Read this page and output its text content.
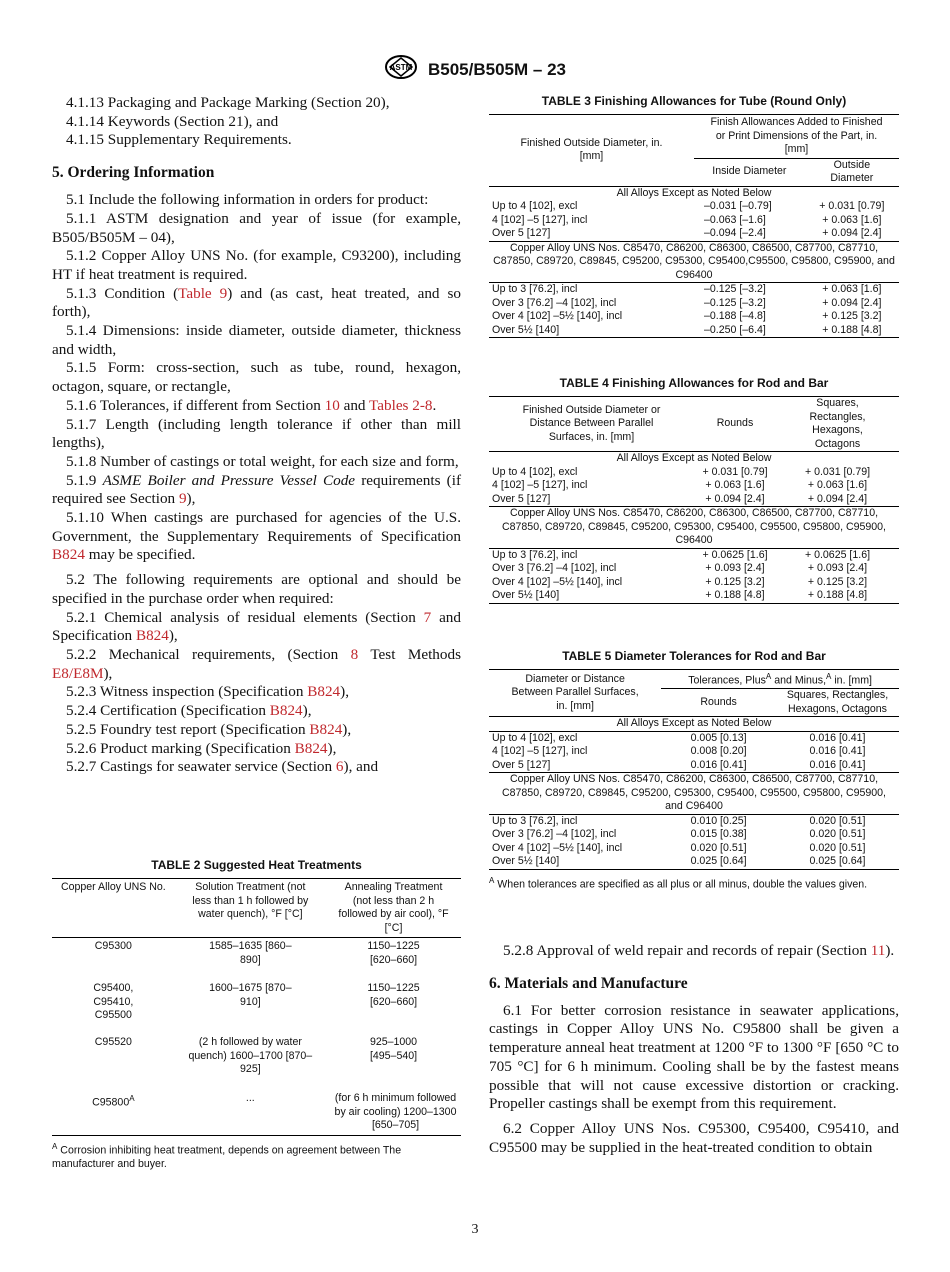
ASTM B505/B505M – 23

4.1.13 Packaging and Package Marking (Section 20),

4.1.14 Keywords (Section 21), and

4.1.15 Supplementary Requirements.

5. Ordering Information

5.1 Include the following information in orders for product:

5.1.1 ASTM designation and year of issue (for example, B505/B505M – 04),

5.1.2 Copper Alloy UNS No. (for example, C93200), including HT if heat treatment is required.

5.1.3 Condition (Table 9) and (as cast, heat treated, and so forth),

5.1.4 Dimensions: inside diameter, outside diameter, thickness and width,

5.1.5 Form: cross-section, such as tube, round, hexagon, octagon, square, or rectangle,

5.1.6 Tolerances, if different from Section 10 and Tables 2-8.

5.1.7 Length (including length tolerance if other than mill lengths),

5.1.8 Number of castings or total weight, for each size and form,

5.1.9 ASME Boiler and Pressure Vessel Code requirements (if required see Section 9),

5.1.10 When castings are purchased for agencies of the U.S. Government, the Supplementary Requirements of Specification B824 may be specified.

5.2 The following requirements are optional and should be specified in the purchase order when required:

5.2.1 Chemical analysis of residual elements (Section 7 and Specification B824),

5.2.2 Mechanical requirements, (Section 8 Test Methods E8/E8M),

5.2.3 Witness inspection (Specification B824),

5.2.4 Certification (Specification B824),

5.2.5 Foundry test report (Specification B824),

5.2.6 Product marking (Specification B824),

5.2.7 Castings for seawater service (Section 6), and

TABLE 2 Suggested Heat Treatments
Copper Alloy UNS No.	Solution Treatment (not less than 1 h followed by water quench), °F [°C]	Annealing Treatment (not less than 2 h followed by air cool), °F [°C]
C95300	1585–1635 [860–890]	1150–1225 [620–660]
C95400, C95410, C95500	1600–1675 [870–910]	1150–1225 [620–660]
C95520	(2 h followed by water quench) 1600–1700 [870–925]	925–1000 [495–540]
$C95800^A$	...	(for 6 h minimum followed by air cooling) 1200–1300 [650–705]
$^A$ Corrosion inhibiting heat treatment, depends on agreement between The manufacturer and buyer.
TABLE 3 Finishing Allowances for Tube (Round Only)
Finished Outside Diameter, in. [mm]	Finish Allowances Added to Finished or Print Dimensions of the Part, in. [mm]	
	Inside Diameter	Outside Diameter
All Alloys Except as Noted Below		
Up to 4 [102], excl	–0.031 [–0.79]	+ 0.031 [0.79]
4 [102] –5 [127], incl	–0.063 [–1.6]	+ 0.063 [1.6]
Over 5 [127]	–0.094 [–2.4]	+ 0.094 [2.4]
Copper Alloy UNS Nos. C85470, C86200, C86300, C86500, C87700, C87710, C87850, C89720, C89845, C95200, C95300, C95400,C95500, C95800, C95900, and C96400		
Up to 3 [76.2], incl	–0.125 [–3.2]	+ 0.063 [1.6]
Over 3 [76.2] –4 [102], incl	–0.125 [–3.2]	+ 0.094 [2.4]
Over 4 [102] –5½ [140], incl	–0.188 [–4.8]	+ 0.125 [3.2]
Over 5½ [140]	–0.250 [–6.4]	+ 0.188 [4.8]
TABLE 4 Finishing Allowances for Rod and Bar
Finished Outside Diameter or Distance Between Parallel Surfaces, in. [mm]	Rounds	Squares, Rectangles, Hexagons, Octagons
All Alloys Except as Noted Below		
Up to 4 [102], excl	+ 0.031 [0.79]	+ 0.031 [0.79]
4 [102] –5 [127], incl	+ 0.063 [1.6]	+ 0.063 [1.6]
Over 5 [127]	+ 0.094 [2.4]	+ 0.094 [2.4]
Copper Alloy UNS Nos. C85470, C86200, C86300, C86500, C87700, C87710, C87850, C89720, C89845, C95200, C95300, C95400, C95500, C95800, C95900, C96400		
Up to 3 [76.2], incl	+ 0.0625 [1.6]	+ 0.0625 [1.6]
Over 3 [76.2] –4 [102], incl	+ 0.093 [2.4]	+ 0.093 [2.4]
Over 4 [102] –5½ [140], incl	+ 0.125 [3.2]	+ 0.125 [3.2]
Over 5½ [140]	+ 0.188 [4.8]	+ 0.188 [4.8]
TABLE 5 Diameter Tolerances for Rod and Bar
Diameter or Distance Between Parallel Surfaces, in. [mm]	Tolerances, Plus$^A$ and Minus,$^A$ in. [mm]	
	Rounds	Squares, Rectangles, Hexagons, Octagons
All Alloys Except as Noted Below		
Up to 4 [102], excl	0.005 [0.13]	0.016 [0.41]
4 [102] –5 [127], incl	0.008 [0.20]	0.016 [0.41]
Over 5 [127]	0.016 [0.41]	0.016 [0.41]
Copper Alloy UNS Nos. C85470, C86200, C86300, C86500, C87700, C87710, C87850, C89720, C89845, C95200, C95300, C95400, C95500, C95800, C95900, and C96400		
Up to 3 [76.2], incl	0.010 [0.25]	0.020 [0.51]
Over 3 [76.2] –4 [102], incl	0.015 [0.38]	0.020 [0.51]
Over 4 [102] –5½ [140], incl	0.020 [0.51]	0.020 [0.51]
Over 5½ [140]	0.025 [0.64]	0.025 [0.64]
$^A$ When tolerances are specified as all plus or all minus, double the values given.

5.2.8 Approval of weld repair and records of repair (Section 11).

6. Materials and Manufacture

6.1 For better corrosion resistance in seawater applications, castings in Copper Alloy UNS No. C95800 shall be given a temperature anneal heat treatment at 1200 °F to 1300 °F [650 °C to 705 °C] for 6 h minimum. Cooling shall be by the fastest means possible that will not cause excessive distortion or cracking. Propeller castings shall be exempt from this requirement.

6.2 Copper Alloy UNS Nos. C95300, C95400, C95410, and C95500 may be supplied in the heat-treated condition to obtain

3
